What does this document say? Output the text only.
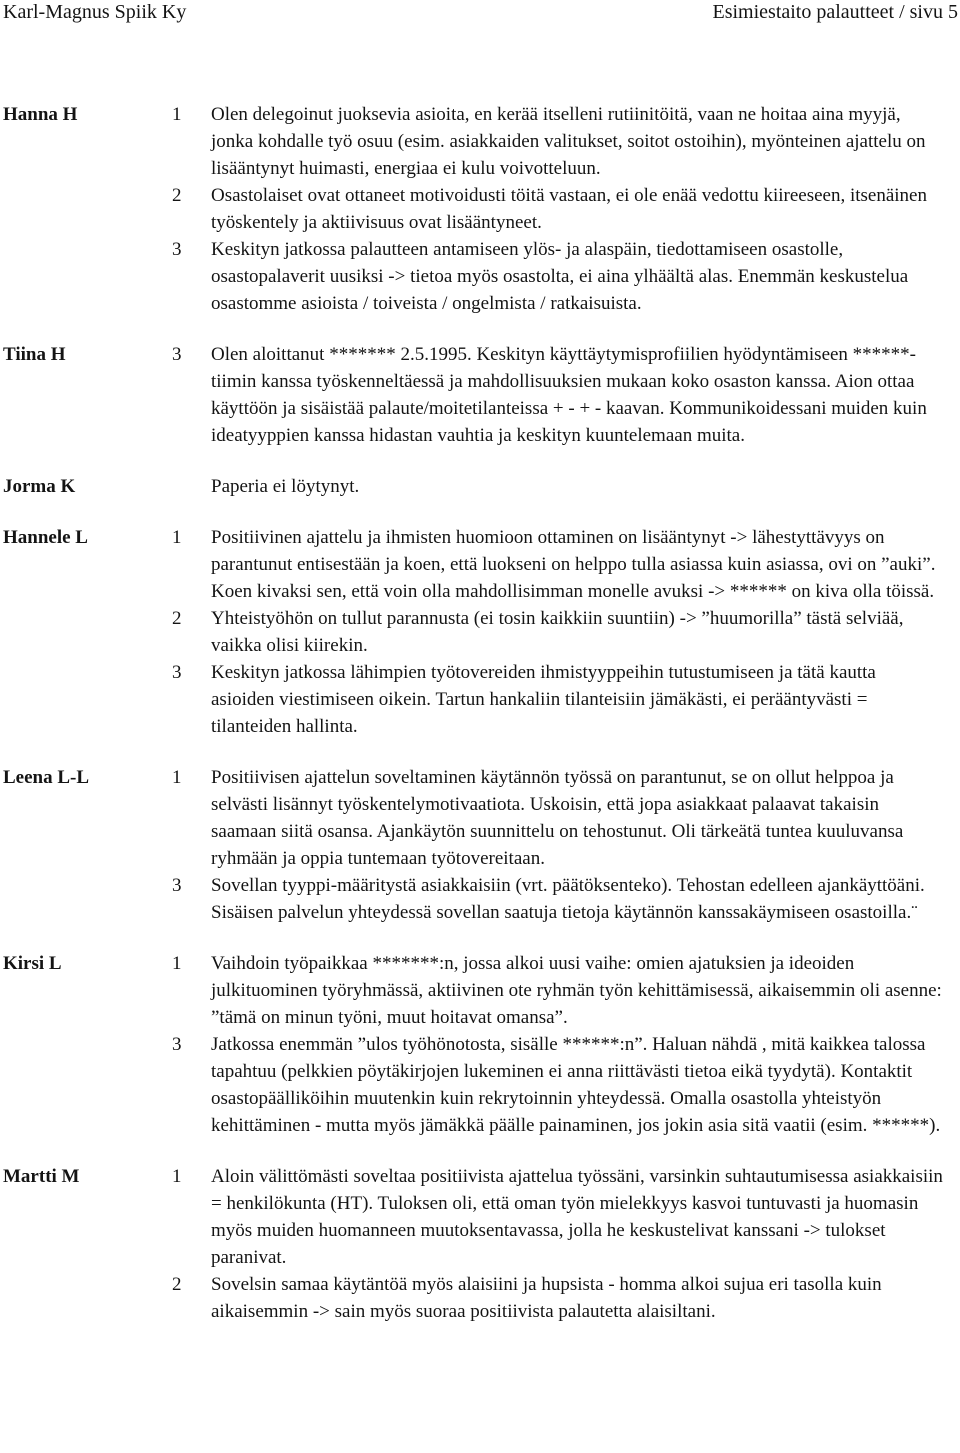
Karl-Magnus Spiik Ky	Esimiestaito palautteet / sivu 5
Hanna H	1 Olen delegoinut juoksevia asioita, en kerää itselleni rutiinitöitä, vaan ne hoitaa aina myyjä, jonka kohdalle työ osuu (esim. asiakkaiden valitukset, soitot ostoihin), myönteinen ajattelu on lisääntynyt huimasti, energiaa ei kulu voivotteluun.
2 Osastolaiset ovat ottaneet motivoidusti töitä vastaan, ei ole enää vedottu kiireeseen, itsenäinen työskentely ja aktiivisuus ovat lisääntyneet.
3 Keskityn jatkossa palautteen antamiseen ylös- ja alaspäin, tiedottamiseen osastolle, osastopalaverit uusiksi -> tietoa myös osastolta, ei aina ylhäältä alas. Enemmän keskustelua osastomme asioista / toiveista / ongelmista / ratkaisuista.
Tiina H	3 Olen aloittanut ******* 2.5.1995. Keskityn käyttäytymisprofiilien hyödyntämiseen ******-tiimin kanssa työskenneltäessä ja mahdollisuuksien mukaan koko osaston kanssa. Aion ottaa käyttöön ja sisäistää palaute/moitetilanteissa + - + - kaavan. Kommunikoidessani muiden kuin ideatyyppien kanssa hidastan vauhtia ja keskityn kuuntelemaan muita.
Jorma K	Paperia ei löytynyt.
Hannele L	1 Positiivinen ajattelu ja ihmisten huomioon ottaminen on lisääntynyt -> lähestyttävyys on parantunut entisestään ja koen, että luokseni on helppo tulla asiassa kuin asiassa, ovi on ”auki”. Koen kivaksi sen, että voin olla mahdollisimman monelle avuksi -> ****** on kiva olla töissä.
2 Yhteistyöhön on tullut parannusta (ei tosin kaikkiin suuntiin) -> ”huumorilla” tästä selviää, vaikka olisi kiirekin.
3 Keskityn jatkossa lähimpien työtovereiden ihmistyyppeihin tutustumiseen ja tätä kautta asioiden viestimiseen oikein. Tartun hankaliin tilanteisiin jämäkästi, ei perääntyvästi = tilanteiden hallinta.
Leena L-L	1 Positiivisen ajattelun soveltaminen käytännön työssä on parantunut, se on ollut helppoa ja selvästi lisännyt työskentelymotivaatiota. Uskoisin, että jopa asiakkaat palaavat takaisin saamaan siitä osansa. Ajankäytön suunnittelu on tehostunut. Oli tärkeätä tuntea kuuluvansa ryhmään ja oppia tuntemaan työtovereitaan.
3 Sovellan tyyppi-määritystä asiakkaisiin (vrt. päätöksenteko). Tehostan edelleen ajankäyttöäni. Sisäisen palvelun yhteydessä sovellan saatuja tietoja käytännön kanssakäymiseen osastoilla.¨
Kirsi L	1 Vaihdoin työpaikkaa *******:n, jossa alkoi uusi vaihe: omien ajatuksien ja ideoiden julkituominen työryhmässä, aktiivinen ote ryhmän työn kehittämisessä, aikaisemmin oli asenne: ”tämä on minun työni, muut hoitavat omansa”.
3 Jatkossa enemmän ”ulos työhönotosta, sisälle ******:n”. Haluan nähdä , mitä kaikkea talossa tapahtuu (pelkkien pöytäkirjojen lukeminen ei anna riittävästi tietoa eikä tyydytä). Kontaktit osastopäälliköihin muutenkin kuin rekrytoinnin yhteydessä. Omalla osastolla yhteistyön kehittäminen - mutta myös jämäkkä päälle painaminen, jos jokin asia sitä vaatii (esim. ******).
Martti M	1 Aloin välittömästi soveltaa positiivista ajattelua työssäni, varsinkin suhtautumisessa asiakkaisiin = henkilökunta (HT). Tuloksen oli, että oman työn mielekkyys kasvoi tuntuvasti ja huomasin myös muiden huomanneen muutoksentavassa, jolla he keskustelivat kanssani -> tulokset paranivat.
2 Sovelsin samaa käytäntöä myös alaisiini ja hupsista - homma alkoi sujua eri tasolla kuin aikaisemmin -> sain myös suoraa positiivista palautetta alaisiltani.
